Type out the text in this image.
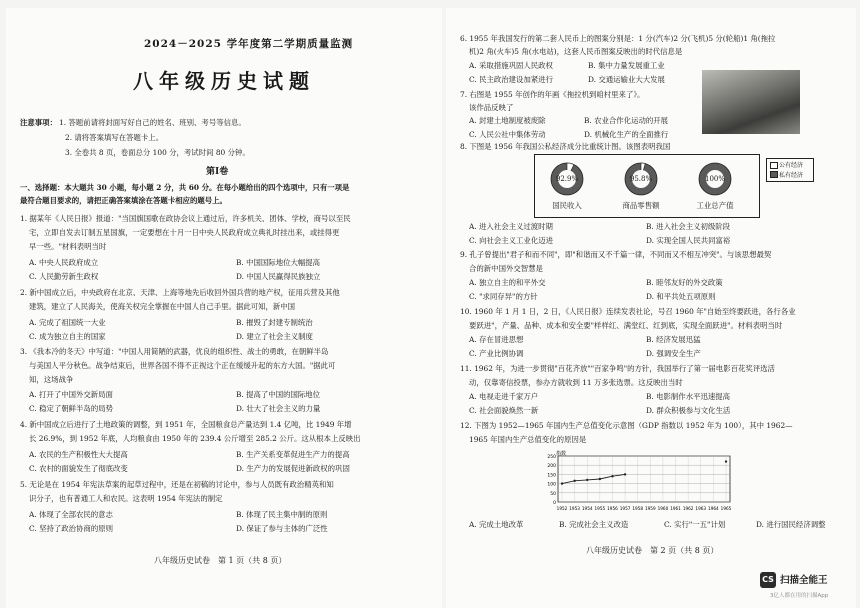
2024－2025 学年度第二学期质量监测
八年级历史试题
注意事项： 1. 答题前请将封面写好自己的姓名、班别、考号等信息。
2. 请将答案填写在答题卡上。
3. 全卷共 8 页，卷面总分 100 分，考试时间 80 分钟。
第Ⅰ卷
一、选择题：本大题共 30 小题，每小题 2 分，共 60 分。在每小题给出的四个选项中，只有一项是
最符合题目要求的，请把正确答案填涂在答题卡相应的题号上。
1. 据某年《人民日报》报道："当国旗国歌在政协会议上通过后，许多机关、团体、学校，商号以至民
宅，立即自发去订制五星国旗，一定要想在十月一日中央人民政府成立典礼时挂出来，或挂得更
早一些。"材料表明当时
A. 中央人民政府成立	B. 中国国际地位大幅提高
C. 人民勤劳新生政权	D. 中国人民赢得民族独立
2. 新中国成立后，中央政府在北京、天津、上海等地先后收回外国兵营的地产权，征用兵营及其他
建筑，建立了人民海关，使海关权完全掌握在中国人自己手里。据此可知，新中国
A. 完成了祖国统一大业	B. 摧毁了封建专制统治
C. 成为独立自主的国家	D. 建立了社会主义制度
3. 《我本冷的冬天》中写道："中国人用简陋的武器，优良的组织性、战士的勇敢，在朝鲜半岛
与美国人平分秋色。战争结束后，世界各国不得不正视这个正在缓缓升起的东方大国。"据此可
知，这场战争
A. 打开了中国外交新局面	B. 提高了中国的国际地位
C. 稳定了朝鲜半岛的局势	D. 壮大了社会主义的力量
4. 新中国成立后进行了土地政策的调整，到 1951 年，全国粮食总产量达到 1.4 亿吨，比 1949 年增
长 26.9%，到 1952 年底，人均粮食由 1950 年的 239.4 公斤增至 285.2 公斤。这从根本上反映出
A. 农民的生产积极性大大提高	B. 生产关系变革促进生产力的提高
C. 农村的面貌发生了彻底改变	D. 生产力的发展促进新政权的巩固
5. 无论是在 1954 年宪法草案的起草过程中，还是在初稿的讨论中，参与人员既有政治精英和知
识分子，也有普通工人和农民。这表明 1954 年宪法的制定
A. 体现了全部农民的意志	B. 体现了民主集中制的原则
C. 坚持了政治协商的原则	D. 保证了参与主体的广泛性
八年级历史试卷　第 1 页（共 8 页）
6. 1955 年我国发行的第二套人民币上的图案分别是：1 分(汽车)2 分(飞机)5 分(轮船)1 角(拖拉
机)2 角(火车)5 角(水电站)，这套人民币图案反映出的时代信息是
A. 采取措施巩固人民政权	B. 集中力量发展重工业
C. 民主政治建设加紧进行	D. 交通运输业大大发展
7. 右图是 1955 年创作的年画《拖拉机到咱村里来了》。
该作品反映了
A. 封建土地制度被废除	B. 农业合作化运动的开展
C. 人民公社中集体劳动	D. 机械化生产的全面推行
8. 下图是 1956 年我国公私经济成分比重统计图。该图表明我国
92.9%
国民收入
95.8%
商品零售额
100%
工业总产值
公有经济
私有经济
A. 进入社会主义过渡时期	B. 进入社会主义初级阶段
C. 向社会主义工业化迈进	D. 实现全国人民共同富裕
9. 孔子曾提出"君子和而不同"，即"和谐而又不千篇一律，不同而又不相互冲突"。与该思想最契
合的新中国外交智慧是
A. 独立自主的和平外交	B. 睦邻友好的外交政策
C. "求同存异"的方针	D. 和平共处五项原则
10. 1960 年 1 月 1 日，2 日，《人民日报》连续发表社论，号召 1960 年"自始至终要跃进，各行各业
要跃进"，产量、品种、成本和安全要"样样红、满堂红、红到底，实现全面跃进"。材料表明当时
A. 存在冒进思想	B. 经济发展迅猛
C. 产业比例协调	D. 强调安全生产
11. 1962 年，为进一步贯彻"百花齐放""百家争鸣"的方针，我国举行了第一届电影百花奖评选活
动，仅靠寄信投票，参办方就收到 11 万多张选票。这反映出当时
A. 电视走进千家万户	B. 电影制作水平迅速提高
C. 社会面貌焕然一新	D. 群众积极参与文化生活
12. 下图为 1952—1965 年国内生产总值变化示意图（GDP 指数以 1952 年为 100），其中 1962—
1965 年国内生产总值变化的原因是
0
50
100
150
200
250
1952 1953 1954 1955 1956 1957 1958 1959 1960 1961 1962 1963 1964 1965
指数
A. 完成土地改革	B. 完成社会主义改造	C. 实行"一五"计划	D. 进行国民经济调整
八年级历史试卷　第 2 页（共 8 页）
CS 扫描全能王
3亿人都在用的扫描App
